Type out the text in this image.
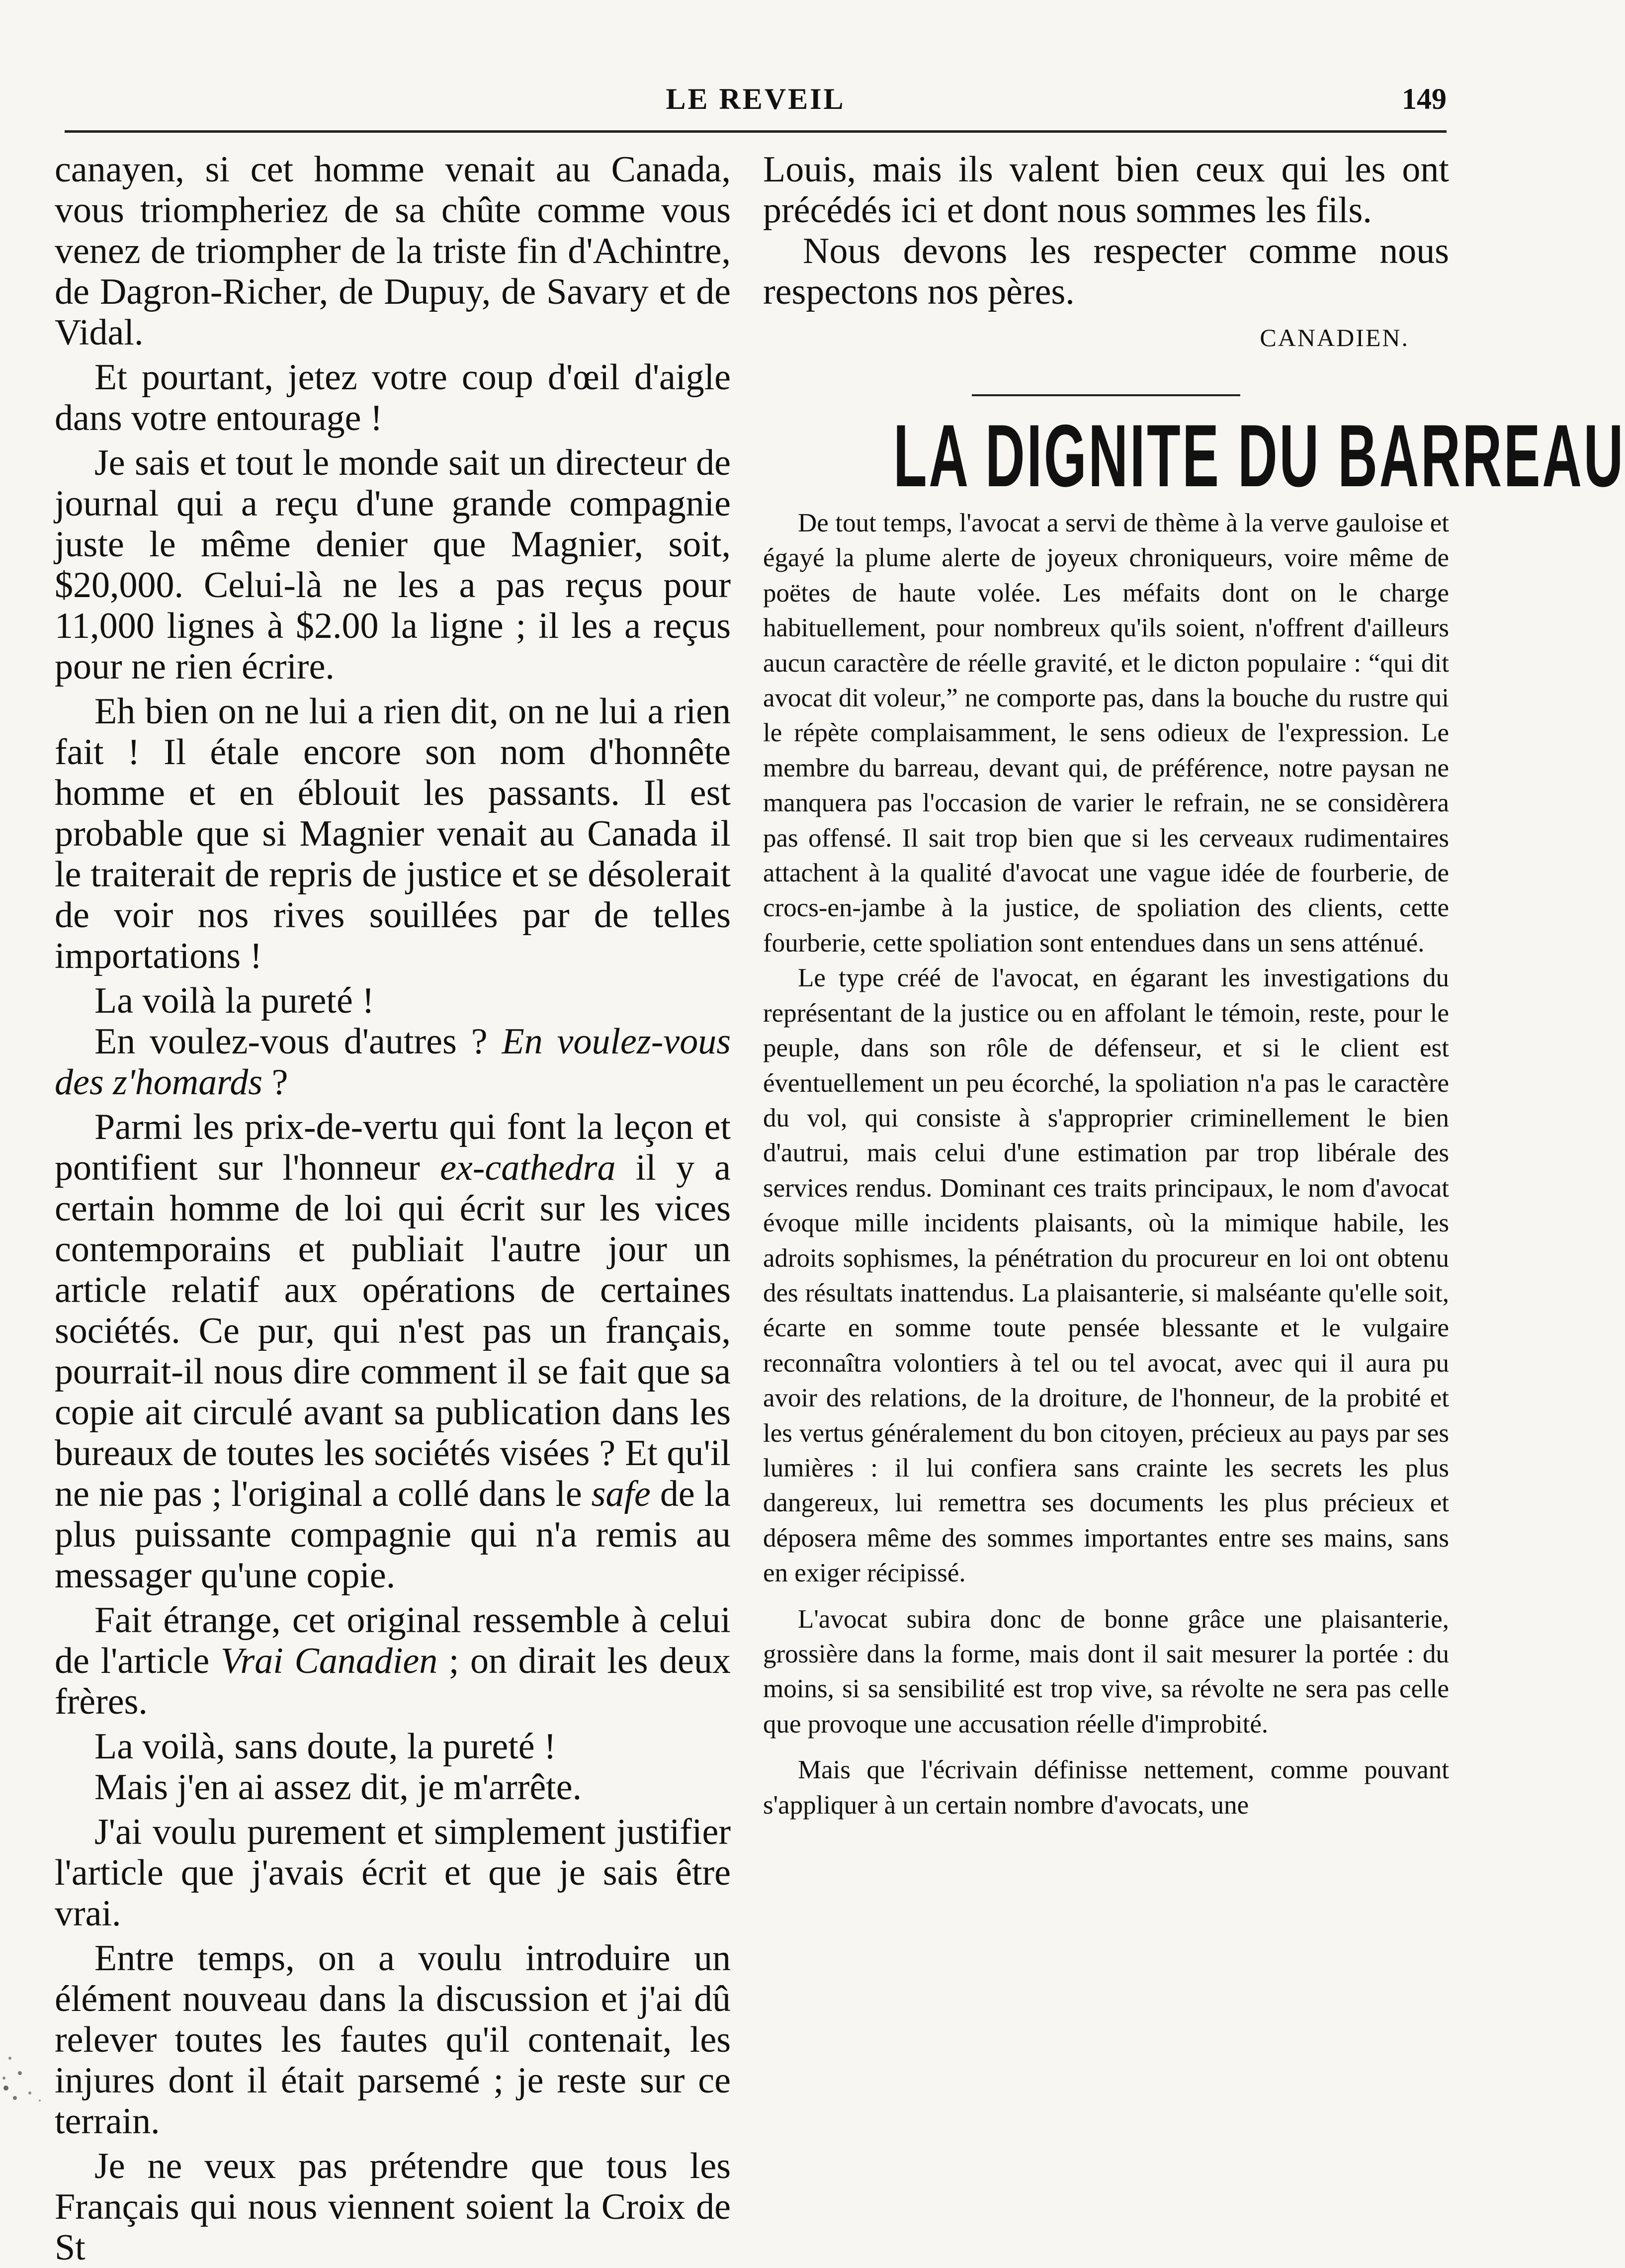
LE REVEIL	149

canayen, si cet homme venait au Canada, vous triompheriez de sa chûte comme vous venez de triompher de la triste fin d'Achintre, de Dagron-Richer, de Dupuy, de Savary et de Vidal.

Et pourtant, jetez votre coup d'œil d'aigle dans votre entourage !

Je sais et tout le monde sait un directeur de journal qui a reçu d'une grande compagnie juste le même denier que Magnier, soit, $20,000. Celui-là ne les a pas reçus pour 11,000 lignes à $2.00 la ligne ; il les a reçus pour ne rien écrire.

Eh bien on ne lui a rien dit, on ne lui a rien fait ! Il étale encore son nom d'honnête homme et en éblouit les passants. Il est probable que si Magnier venait au Canada il le traiterait de repris de justice et se désolerait de voir nos rives souillées par de telles importations !

La voilà la pureté !

En voulez-vous d'autres ? En voulez-vous des z'homards ?

Parmi les prix-de-vertu qui font la leçon et pontifient sur l'honneur ex-cathedra il y a certain homme de loi qui écrit sur les vices contemporains et publiait l'autre jour un article relatif aux opérations de certaines sociétés. Ce pur, qui n'est pas un français, pourrait-il nous dire comment il se fait que sa copie ait circulé avant sa publication dans les bureaux de toutes les sociétés visées ? Et qu'il ne nie pas ; l'original a collé dans le safe de la plus puissante compagnie qui n'a remis au messager qu'une copie.

Fait étrange, cet original ressemble à celui de l'article Vrai Canadien ; on dirait les deux frères.

La voilà, sans doute, la pureté !

Mais j'en ai assez dit, je m'arrête.

J'ai voulu purement et simplement justifier l'article que j'avais écrit et que je sais être vrai.

Entre temps, on a voulu introduire un élément nouveau dans la discussion et j'ai dû relever toutes les fautes qu'il contenait, les injures dont il était parsemé ; je reste sur ce terrain.

Je ne veux pas prétendre que tous les Français qui nous viennent soient la Croix de St

Louis, mais ils valent bien ceux qui les ont précédés ici et dont nous sommes les fils.

Nous devons les respecter comme nous respectons nos pères.

CANADIEN.
LA DIGNITE DU BARREAU

De tout temps, l'avocat a servi de thème à la verve gauloise et égayé la plume alerte de joyeux chroniqueurs, voire même de poëtes de haute volée. Les méfaits dont on le charge habituellement, pour nombreux qu'ils soient, n'offrent d'ailleurs aucun caractère de réelle gravité, et le dicton populaire : “qui dit avocat dit voleur,” ne comporte pas, dans la bouche du rustre qui le répète complaisamment, le sens odieux de l'expression. Le membre du barreau, devant qui, de préférence, notre paysan ne manquera pas l'occasion de varier le refrain, ne se considèrera pas offensé. Il sait trop bien que si les cerveaux rudimentaires attachent à la qualité d'avocat une vague idée de fourberie, de crocs-en-jambe à la justice, de spoliation des clients, cette fourberie, cette spoliation sont entendues dans un sens atténué.

Le type créé de l'avocat, en égarant les investigations du représentant de la justice ou en affolant le témoin, reste, pour le peuple, dans son rôle de défenseur, et si le client est éventuellement un peu écorché, la spoliation n'a pas le caractère du vol, qui consiste à s'approprier criminellement le bien d'autrui, mais celui d'une estimation par trop libérale des services rendus. Dominant ces traits principaux, le nom d'avocat évoque mille incidents plaisants, où la mimique habile, les adroits sophismes, la pénétration du procureur en loi ont obtenu des résultats inattendus. La plaisanterie, si malséante qu'elle soit, écarte en somme toute pensée blessante et le vulgaire reconnaîtra volontiers à tel ou tel avocat, avec qui il aura pu avoir des relations, de la droiture, de l'honneur, de la probité et les vertus généralement du bon citoyen, précieux au pays par ses lumières : il lui confiera sans crainte les secrets les plus dangereux, lui remettra ses documents les plus précieux et déposera même des sommes importantes entre ses mains, sans en exiger récipissé.

L'avocat subira donc de bonne grâce une plaisanterie, grossière dans la forme, mais dont il sait mesurer la portée : du moins, si sa sensibilité est trop vive, sa révolte ne sera pas celle que provoque une accusation réelle d'improbité.

Mais que l'écrivain définisse nettement, comme pouvant s'appliquer à un certain nombre d'avocats, une
